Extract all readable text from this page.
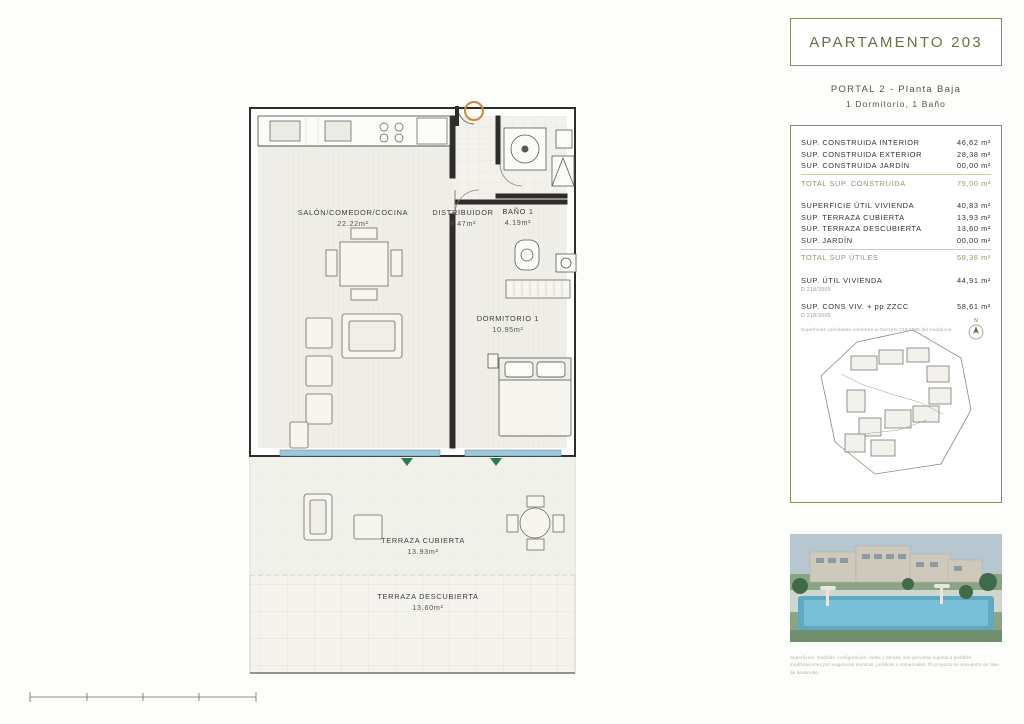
SALÓN/COMEDOR/COCINA
22.22m²
DISTRIBUIDOR
3.47m²
BAÑO 1
4.19m²
DORMITORIO 1
10.95m²
TERRAZA CUBIERTA
13.93m²
TERRAZA DESCUBIERTA
13.60m²
APARTAMENTO 203
PORTAL 2 - Planta Baja
1 Dormitorio, 1 Baño
SUP. CONSTRUIDA INTERIOR	46,62 m²
SUP. CONSTRUIDA EXTERIOR	28,38 m²
SUP. CONSTRUIDA JARDÍN	00,00 m²
TOTAL SUP. CONSTRUIDA	75,00 m²
SUPERFICIE ÚTIL VIVIENDA	40,83 m²
SUP. TERRAZA CUBIERTA	13,93 m²
SUP. TERRAZA DESCUBIERTA	13,60 m²
SUP. JARDÍN	00,00 m²
TOTAL SUP ÚTILES	68,36 m²
SUP. ÚTIL VIVIENDA	44,91 m²
D 218/2005
SUP. CONS VIV. + pp ZZCC	58,61 m²
D 218/2005
Superficies calculadas conforme al Decreto 218/2005 del Andalucía
N
Superficies, medidas, configuración, índex y demás, son previstos sujetos a posibles modificaciones por exigencias técnicas, jurídicas o comerciales. El proyecto se encuentra en fase de desarrollo.
